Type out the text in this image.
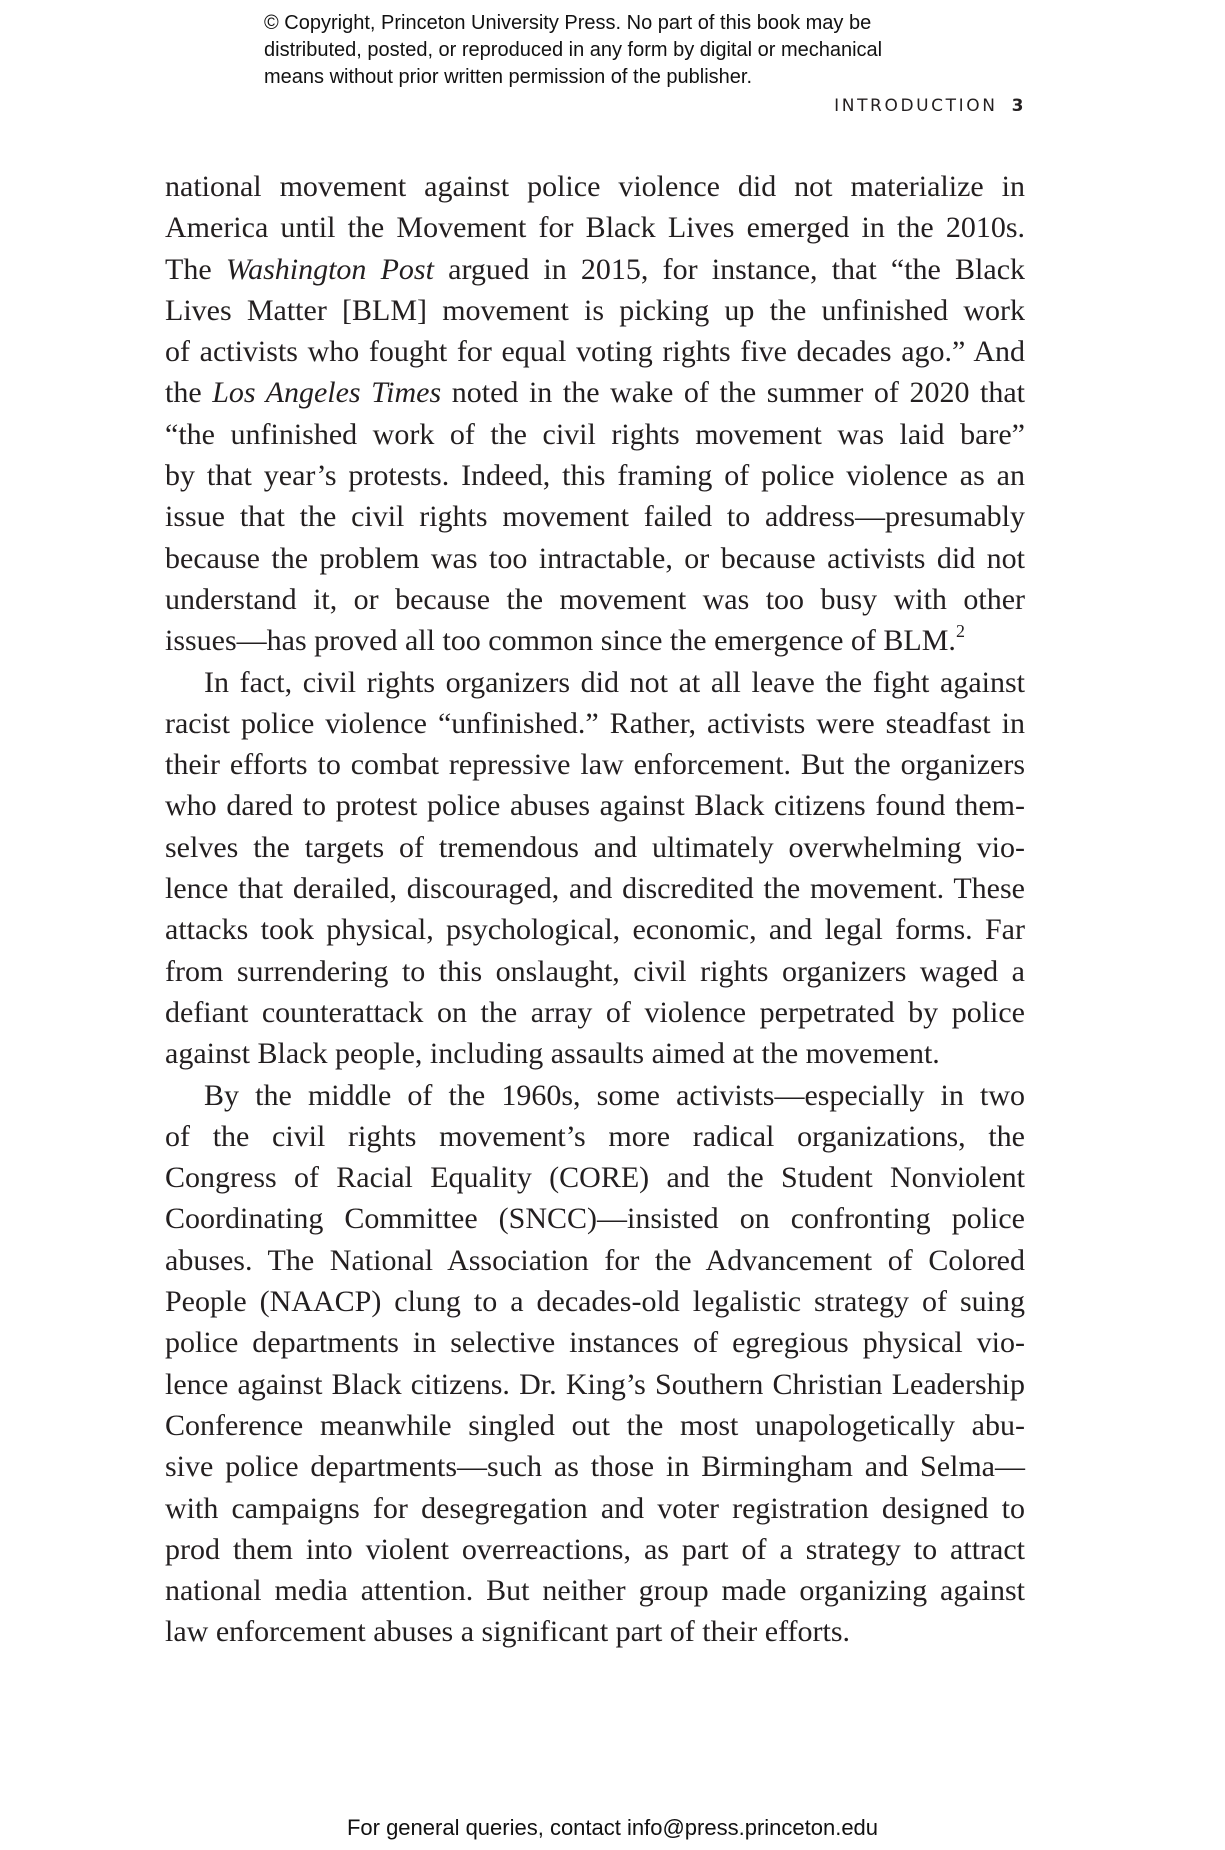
© Copyright, Princeton University Press. No part of this book may be
distributed, posted, or reproduced in any form by digital or mechanical
means without prior written permission of the publisher.
INTRODUCTION 3
national movement against police violence did not materialize in
America until the Movement for Black Lives emerged in the 2010s.
The Washington Post argued in 2015, for instance, that “the Black
Lives Matter [BLM] movement is picking up the unfinished work
of activists who fought for equal voting rights five decades ago.” And
the Los Angeles Times noted in the wake of the summer of 2020 that
“the unfinished work of the civil rights movement was laid bare”
by that year’s protests. Indeed, this framing of police violence as an
issue that the civil rights movement failed to address—presumably
because the problem was too intractable, or because activists did not
understand it, or because the movement was too busy with other
issues—has proved all too common since the emergence of BLM.$^2$
In fact, civil rights organizers did not at all leave the fight against
racist police violence “unfinished.” Rather, activists were steadfast in
their efforts to combat repressive law enforcement. But the organizers
who dared to protest police abuses against Black citizens found them-
selves the targets of tremendous and ultimately overwhelming vio-
lence that derailed, discouraged, and discredited the movement. These
attacks took physical, psychological, economic, and legal forms. Far
from surrendering to this onslaught, civil rights organizers waged a
defiant counterattack on the array of violence perpetrated by police
against Black people, including assaults aimed at the movement.
By the middle of the 1960s, some activists—especially in two
of the civil rights movement’s more radical organizations, the
Congress of Racial Equality (CORE) and the Student Nonviolent
Coordinating Committee (SNCC)—insisted on confronting police
abuses. The National Association for the Advancement of Colored
People (NAACP) clung to a decades-old legalistic strategy of suing
police departments in selective instances of egregious physical vio-
lence against Black citizens. Dr. King’s Southern Christian Leadership
Conference meanwhile singled out the most unapologetically abu-
sive police departments—such as those in Birmingham and Selma—
with campaigns for desegregation and voter registration designed to
prod them into violent overreactions, as part of a strategy to attract
national media attention. But neither group made organizing against
law enforcement abuses a significant part of their efforts.
For general queries, contact info@press.princeton.edu
